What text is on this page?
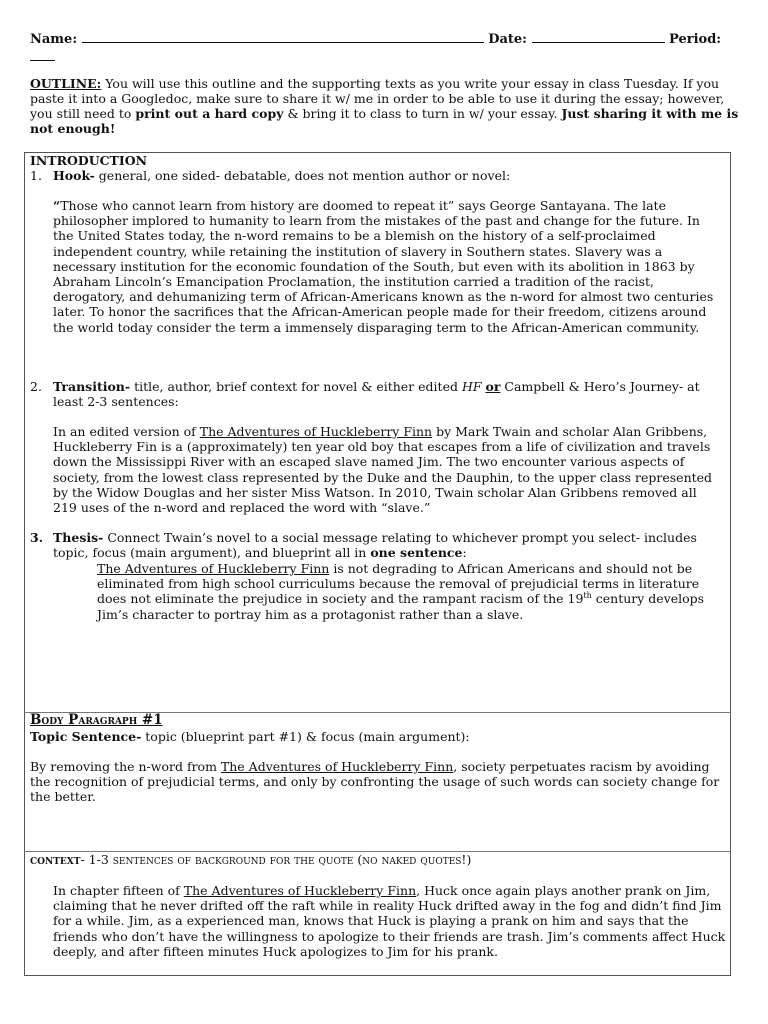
Name:	Date:	Period:

OUTLINE: You will use this outline and the supporting texts as you write your essay in class Tuesday. If you paste it into a Googledoc, make sure to share it w/ me in order to be able to use it during the essay; however, you still need to print out a hard copy & bring it to class to turn in w/ your essay. Just sharing it with me is not enough!
INTRODUCTION
1. Hook- general, one sided- debatable, does not mention author or novel:
“Those who cannot learn from history are doomed to repeat it” says George Santayana. The late philosopher implored to humanity to learn from the mistakes of the past and change for the future. In the United States today, the n-word remains to be a blemish on the history of a self-proclaimed independent country, while retaining the institution of slavery in Southern states. Slavery was a necessary institution for the economic foundation of the South, but even with its abolition in 1863 by Abraham Lincoln’s Emancipation Proclamation, the institution carried a tradition of the racist, derogatory, and dehumanizing term of African-Americans known as the n-word for almost two centuries later. To honor the sacrifices that the African-American people made for their freedom, citizens around the world today consider the term a immensely disparaging term to the African-American community.
2. Transition- title, author, brief context for novel & either edited HF or Campbell & Hero’s Journey- at least 2-3 sentences:
In an edited version of The Adventures of Huckleberry Finn by Mark Twain and scholar Alan Gribbens, Huckleberry Fin is a (approximately) ten year old boy that escapes from a life of civilization and travels down the Mississippi River with an escaped slave named Jim. The two encounter various aspects of society, from the lowest class represented by the Duke and the Dauphin, to the upper class represented by the Widow Douglas and her sister Miss Watson. In 2010, Twain scholar Alan Gribbens removed all 219 uses of the n-word and replaced the word with “slave.”
3. Thesis- Connect Twain’s novel to a social message relating to whichever prompt you select- includes topic, focus (main argument), and blueprint all in one sentence:
The Adventures of Huckleberry Finn is not degrading to African Americans and should not be eliminated from high school curriculums because the removal of prejudicial terms in literature does not eliminate the prejudice in society and the rampant racism of the 19th century develops Jim’s character to portray him as a protagonist rather than a slave.
Body Paragraph #1
Topic Sentence- topic (blueprint part #1) & focus (main argument):
By removing the n-word from The Adventures of Huckleberry Finn, society perpetuates racism by avoiding the recognition of prejudicial terms, and only by confronting the usage of such words can society change for the better.
context- 1-3 sentences of background for the quote (no naked quotes!)
In chapter fifteen of The Adventures of Huckleberry Finn, Huck once again plays another prank on Jim, claiming that he never drifted off the raft while in reality Huck drifted away in the fog and didn’t find Jim for a while. Jim, as a experienced man, knows that Huck is playing a prank on him and says that the friends who don’t have the willingness to apologize to their friends are trash. Jim’s comments affect Huck deeply, and after fifteen minutes Huck apologizes to Jim for his prank.
